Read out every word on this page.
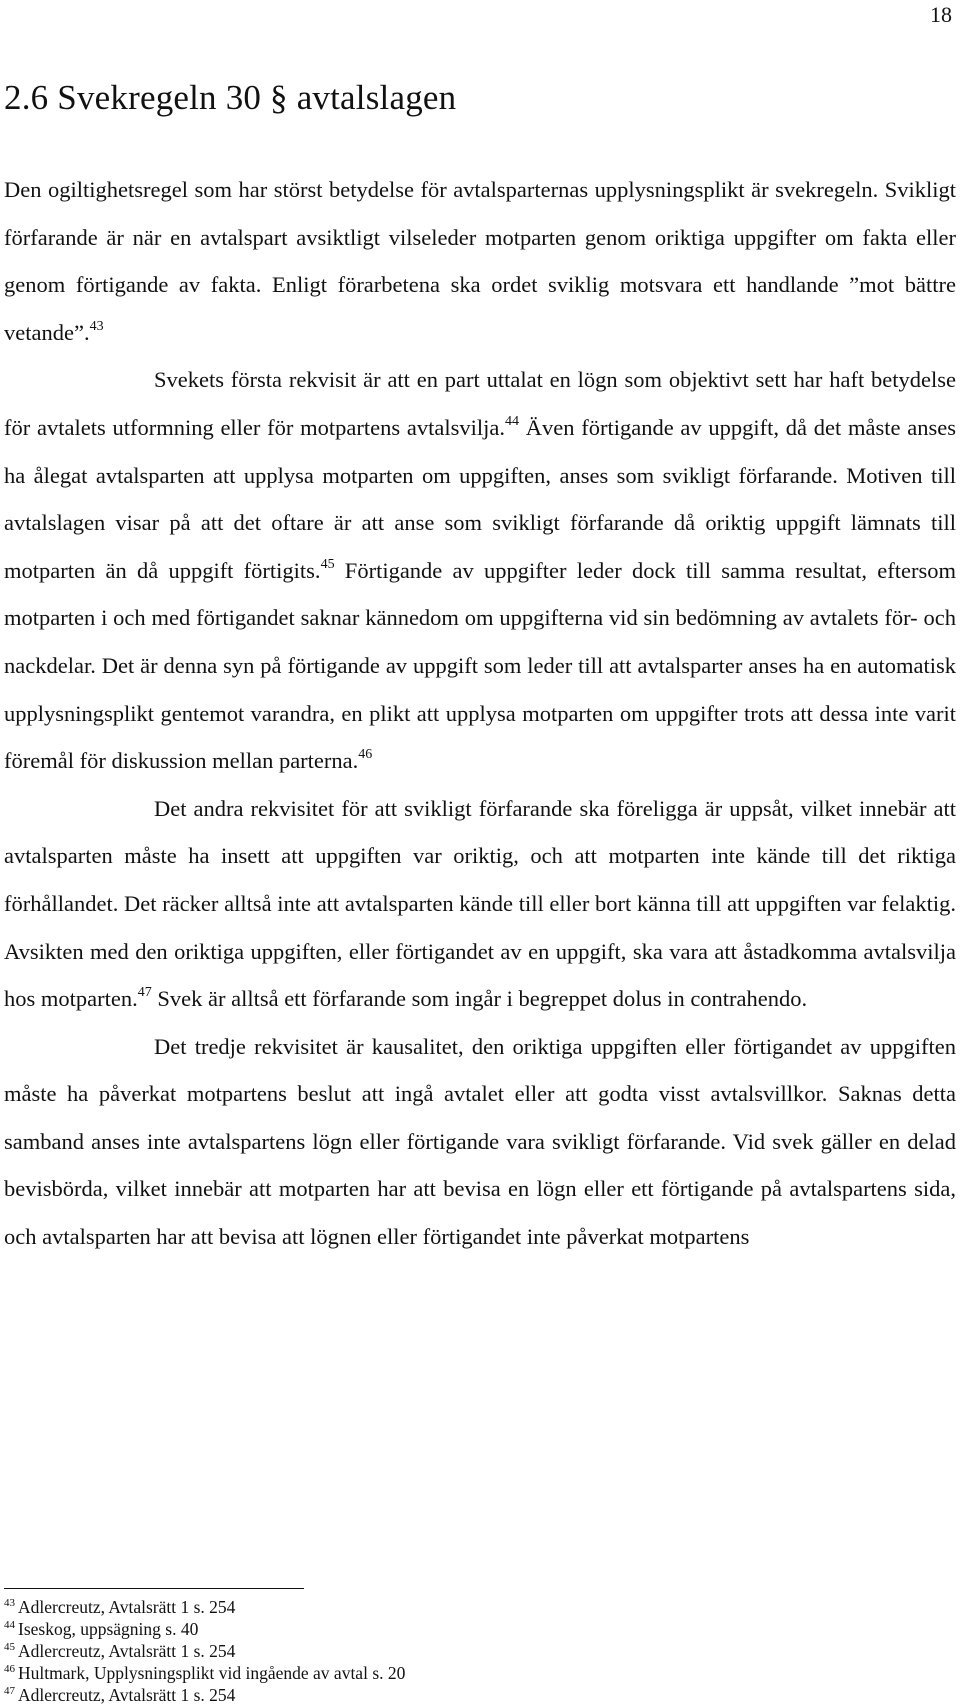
18
2.6 Svekregeln 30 § avtalslagen

Den ogiltighetsregel som har störst betydelse för avtalsparternas upplysningsplikt är svekregeln. Svikligt förfarande är när en avtalspart avsiktligt vilseleder motparten genom oriktiga uppgifter om fakta eller genom förtigande av fakta. Enligt förarbetena ska ordet sviklig motsvara ett handlande ”mot bättre vetande”.$^{43}$

Svekets första rekvisit är att en part uttalat en lögn som objektivt sett har haft betydelse för avtalets utformning eller för motpartens avtalsvilja.$^{44}$ Även förtigande av uppgift, då det måste anses ha ålegat avtalsparten att upplysa motparten om uppgiften, anses som svikligt förfarande. Motiven till avtalslagen visar på att det oftare är att anse som svikligt förfarande då oriktig uppgift lämnats till motparten än då uppgift förtigits.$^{45}$ Förtigande av uppgifter leder dock till samma resultat, eftersom motparten i och med förtigandet saknar kännedom om uppgifterna vid sin bedömning av avtalets för- och nackdelar. Det är denna syn på förtigande av uppgift som leder till att avtalsparter anses ha en automatisk upplysningsplikt gentemot varandra, en plikt att upplysa motparten om uppgifter trots att dessa inte varit föremål för diskussion mellan parterna.$^{46}$

Det andra rekvisitet för att svikligt förfarande ska föreligga är uppsåt, vilket innebär att avtalsparten måste ha insett att uppgiften var oriktig, och att motparten inte kände till det riktiga förhållandet. Det räcker alltså inte att avtalsparten kände till eller bort känna till att uppgiften var felaktig. Avsikten med den oriktiga uppgiften, eller förtigandet av en uppgift, ska vara att åstadkomma avtalsvilja hos motparten.$^{47}$ Svek är alltså ett förfarande som ingår i begreppet dolus in contrahendo.

Det tredje rekvisitet är kausalitet, den oriktiga uppgiften eller förtigandet av uppgiften måste ha påverkat motpartens beslut att ingå avtalet eller att godta visst avtalsvillkor. Saknas detta samband anses inte avtalspartens lögn eller förtigande vara svikligt förfarande. Vid svek gäller en delad bevisbörda, vilket innebär att motparten har att bevisa en lögn eller ett förtigande på avtalspartens sida, och avtalsparten har att bevisa att lögnen eller förtigandet inte påverkat motpartens

$^{43}$ Adlercreutz, Avtalsrätt 1 s. 254
$^{44}$ Iseskog, uppsägning s. 40
$^{45}$ Adlercreutz, Avtalsrätt 1 s. 254
$^{46}$ Hultmark, Upplysningsplikt vid ingående av avtal s. 20
$^{47}$ Adlercreutz, Avtalsrätt 1 s. 254
